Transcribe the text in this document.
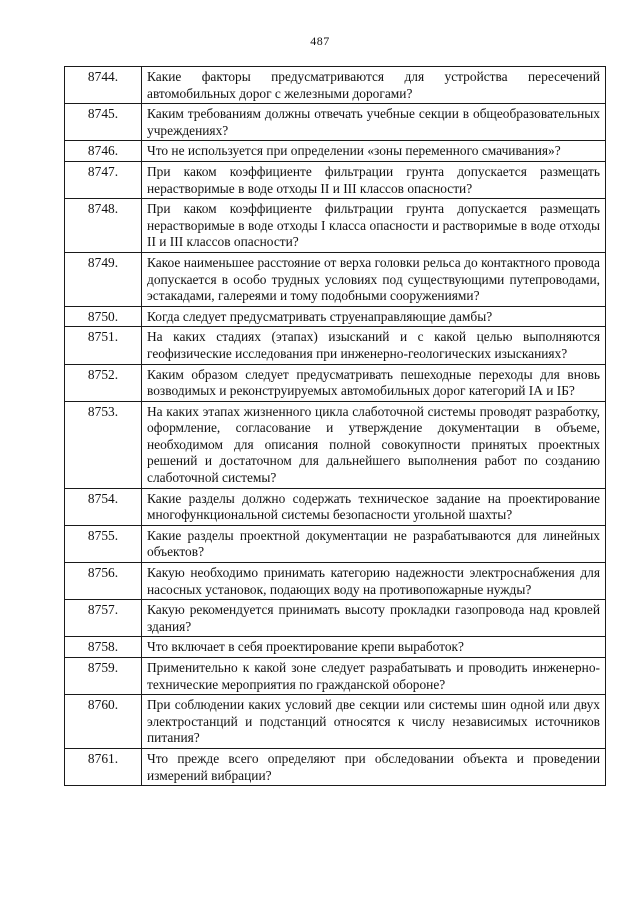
487
8744.	Какие факторы предусматриваются для устройства пересечений автомобильных дорог с железными дорогами?
8745.	Каким требованиям должны отвечать учебные секции в общеобразовательных учреждениях?
8746.	Что не используется при определении «зоны переменного смачивания»?
8747.	При каком коэффициенте фильтрации грунта допускается размещать нерастворимые в воде отходы II и III классов опасности?
8748.	При каком коэффициенте фильтрации грунта допускается размещать нерастворимые в воде отходы I класса опасности и растворимые в воде отходы II и III классов опасности?
8749.	Какое наименьшее расстояние от верха головки рельса до контактного провода допускается в особо трудных условиях под существующими путепроводами, эстакадами, галереями и тому подобными сооружениями?
8750.	Когда следует предусматривать струенаправляющие дамбы?
8751.	На каких стадиях (этапах) изысканий и с какой целью выполняются геофизические исследования при инженерно-геологических изысканиях?
8752.	Каким образом следует предусматривать пешеходные переходы для вновь возводимых и реконструируемых автомобильных дорог категорий IА и IБ?
8753.	На каких этапах жизненного цикла слаботочной системы проводят разработку, оформление, согласование и утверждение документации в объеме, необходимом для описания полной совокупности принятых проектных решений и достаточном для дальнейшего выполнения работ по созданию слаботочной системы?
8754.	Какие разделы должно содержать техническое задание на проектирование многофункциональной системы безопасности угольной шахты?
8755.	Какие разделы проектной документации не разрабатываются для линейных объектов?
8756.	Какую необходимо принимать категорию надежности электроснабжения для насосных установок, подающих воду на противопожарные нужды?
8757.	Какую рекомендуется принимать высоту прокладки газопровода над кровлей здания?
8758.	Что включает в себя проектирование крепи выработок?
8759.	Применительно к какой зоне следует разрабатывать и проводить инженерно-технические мероприятия по гражданской обороне?
8760.	При соблюдении каких условий две секции или системы шин одной или двух электростанций и подстанций относятся к числу независимых источников питания?
8761.	Что прежде всего определяют при обследовании объекта и проведении измерений вибрации?
